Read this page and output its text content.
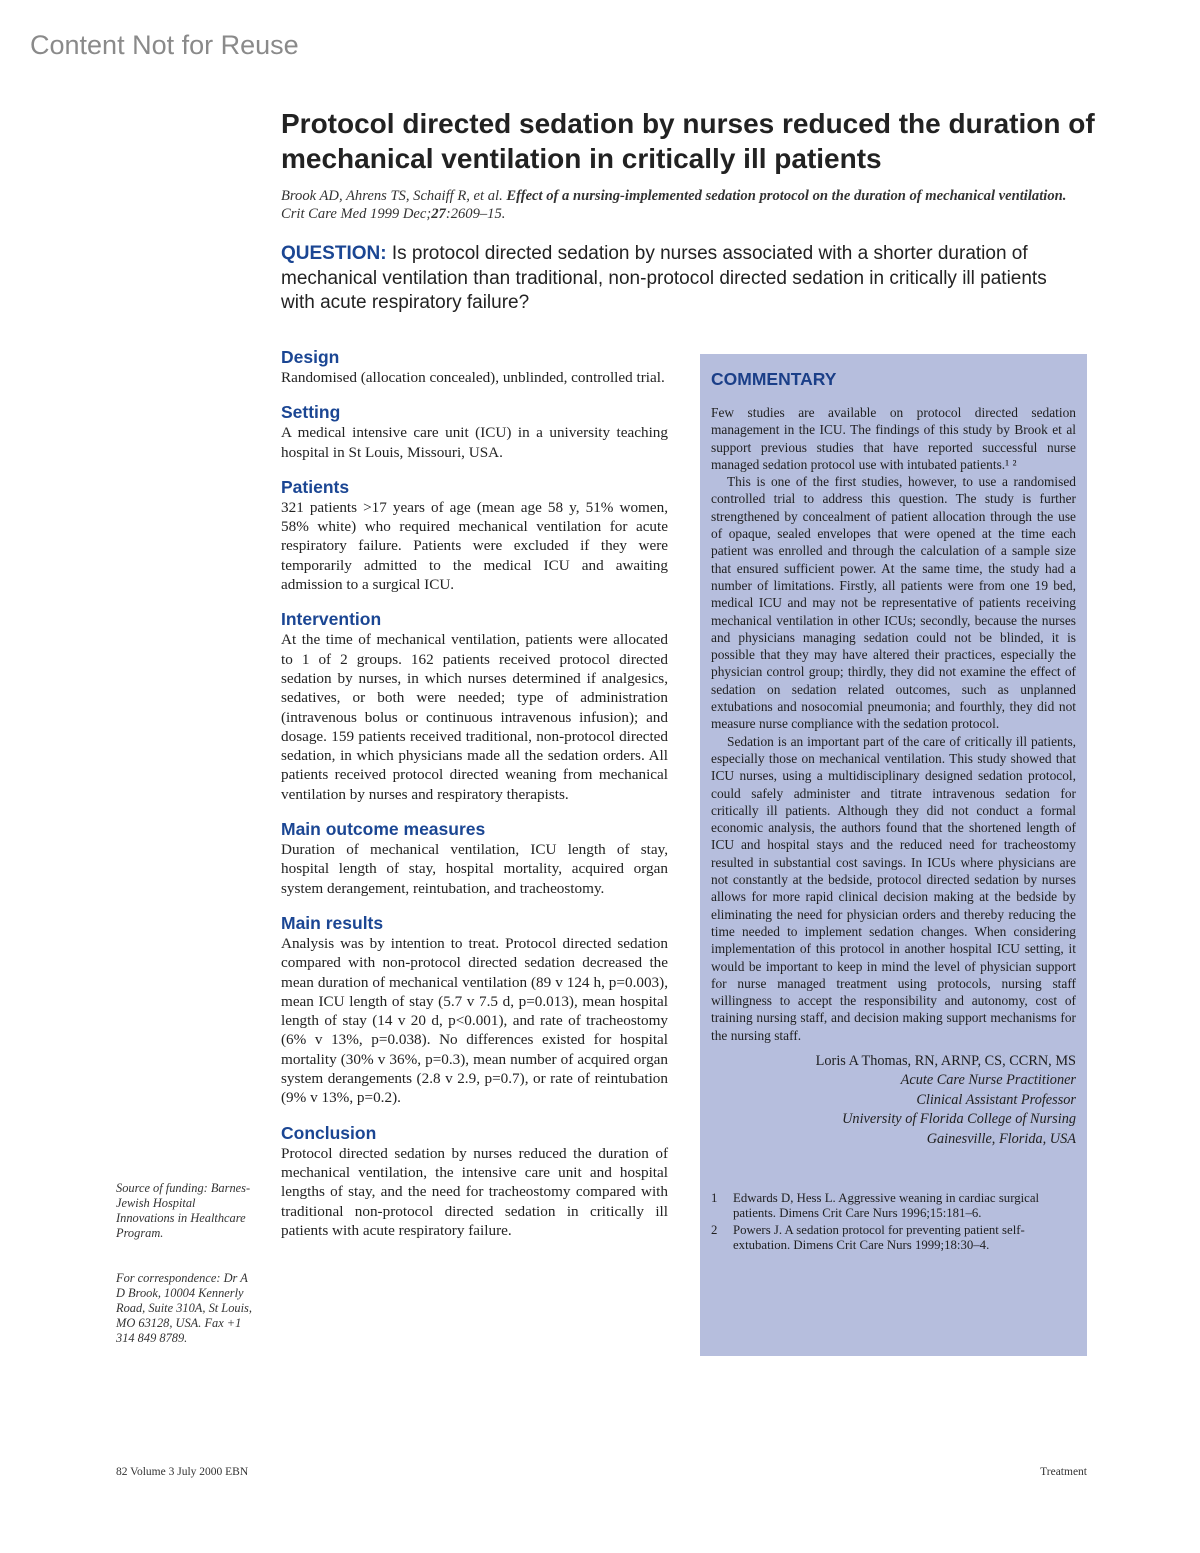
Content Not for Reuse
Protocol directed sedation by nurses reduced the duration of mechanical ventilation in critically ill patients
Brook AD, Ahrens TS, Schaiff R, et al. Effect of a nursing-implemented sedation protocol on the duration of mechanical ventilation. Crit Care Med 1999 Dec;27:2609–15.
QUESTION: Is protocol directed sedation by nurses associated with a shorter duration of mechanical ventilation than traditional, non-protocol directed sedation in critically ill patients with acute respiratory failure?
Design

Randomised (allocation concealed), unblinded, controlled trial.

Setting

A medical intensive care unit (ICU) in a university teaching hospital in St Louis, Missouri, USA.

Patients

321 patients >17 years of age (mean age 58 y, 51% women, 58% white) who required mechanical ventilation for acute respiratory failure. Patients were excluded if they were temporarily admitted to the medical ICU and awaiting admission to a surgical ICU.

Intervention

At the time of mechanical ventilation, patients were allocated to 1 of 2 groups. 162 patients received protocol directed sedation by nurses, in which nurses determined if analgesics, sedatives, or both were needed; type of administration (intravenous bolus or continuous intravenous infusion); and dosage. 159 patients received traditional, non-protocol directed sedation, in which physicians made all the sedation orders. All patients received protocol directed weaning from mechanical ventilation by nurses and respiratory therapists.

Main outcome measures

Duration of mechanical ventilation, ICU length of stay, hospital length of stay, hospital mortality, acquired organ system derangement, reintubation, and tracheostomy.

Main results

Analysis was by intention to treat. Protocol directed sedation compared with non-protocol directed sedation decreased the mean duration of mechanical ventilation (89 v 124 h, p=0.003), mean ICU length of stay (5.7 v 7.5 d, p=0.013), mean hospital length of stay (14 v 20 d, p<0.001), and rate of tracheostomy (6% v 13%, p=0.038). No differences existed for hospital mortality (30% v 36%, p=0.3), mean number of acquired organ system derangements (2.8 v 2.9, p=0.7), or rate of reintubation (9% v 13%, p=0.2).

Conclusion

Protocol directed sedation by nurses reduced the duration of mechanical ventilation, the intensive care unit and hospital lengths of stay, and the need for tracheostomy compared with traditional non-protocol directed sedation in critically ill patients with acute respiratory failure.

Source of funding: Barnes-Jewish Hospital Innovations in Healthcare Program.
For correspondence: Dr A D Brook, 10004 Kennerly Road, Suite 310A, St Louis, MO 63128, USA. Fax +1 314 849 8789.
COMMENTARY

Few studies are available on protocol directed sedation management in the ICU. The findings of this study by Brook et al support previous studies that have reported successful nurse managed sedation protocol use with intubated patients.¹ ²

This is one of the first studies, however, to use a randomised controlled trial to address this question. The study is further strengthened by concealment of patient allocation through the use of opaque, sealed envelopes that were opened at the time each patient was enrolled and through the calculation of a sample size that ensured sufficient power. At the same time, the study had a number of limitations. Firstly, all patients were from one 19 bed, medical ICU and may not be representative of patients receiving mechanical ventilation in other ICUs; secondly, because the nurses and physicians managing sedation could not be blinded, it is possible that they may have altered their practices, especially the physician control group; thirdly, they did not examine the effect of sedation on sedation related outcomes, such as unplanned extubations and nosocomial pneumonia; and fourthly, they did not measure nurse compliance with the sedation protocol.

Sedation is an important part of the care of critically ill patients, especially those on mechanical ventilation. This study showed that ICU nurses, using a multidisciplinary designed sedation protocol, could safely administer and titrate intravenous sedation for critically ill patients. Although they did not conduct a formal economic analysis, the authors found that the shortened length of ICU and hospital stays and the reduced need for tracheostomy resulted in substantial cost savings. In ICUs where physicians are not constantly at the bedside, protocol directed sedation by nurses allows for more rapid clinical decision making at the bedside by eliminating the need for physician orders and thereby reducing the time needed to implement sedation changes. When considering implementation of this protocol in another hospital ICU setting, it would be important to keep in mind the level of physician support for nurse managed treatment using protocols, nursing staff willingness to accept the responsibility and autonomy, cost of training nursing staff, and decision making support mechanisms for the nursing staff.

Loris A Thomas, RN, ARNP, CS, CCRN, MS
Acute Care Nurse Practitioner
Clinical Assistant Professor
University of Florida College of Nursing
Gainesville, Florida, USA
1	Edwards D, Hess L. Aggressive weaning in cardiac surgical patients. Dimens Crit Care Nurs 1996;15:181–6.
2	Powers J. A sedation protocol for preventing patient self-extubation. Dimens Crit Care Nurs 1999;18:30–4.
82 Volume 3 July 2000 EBN	Treatment
